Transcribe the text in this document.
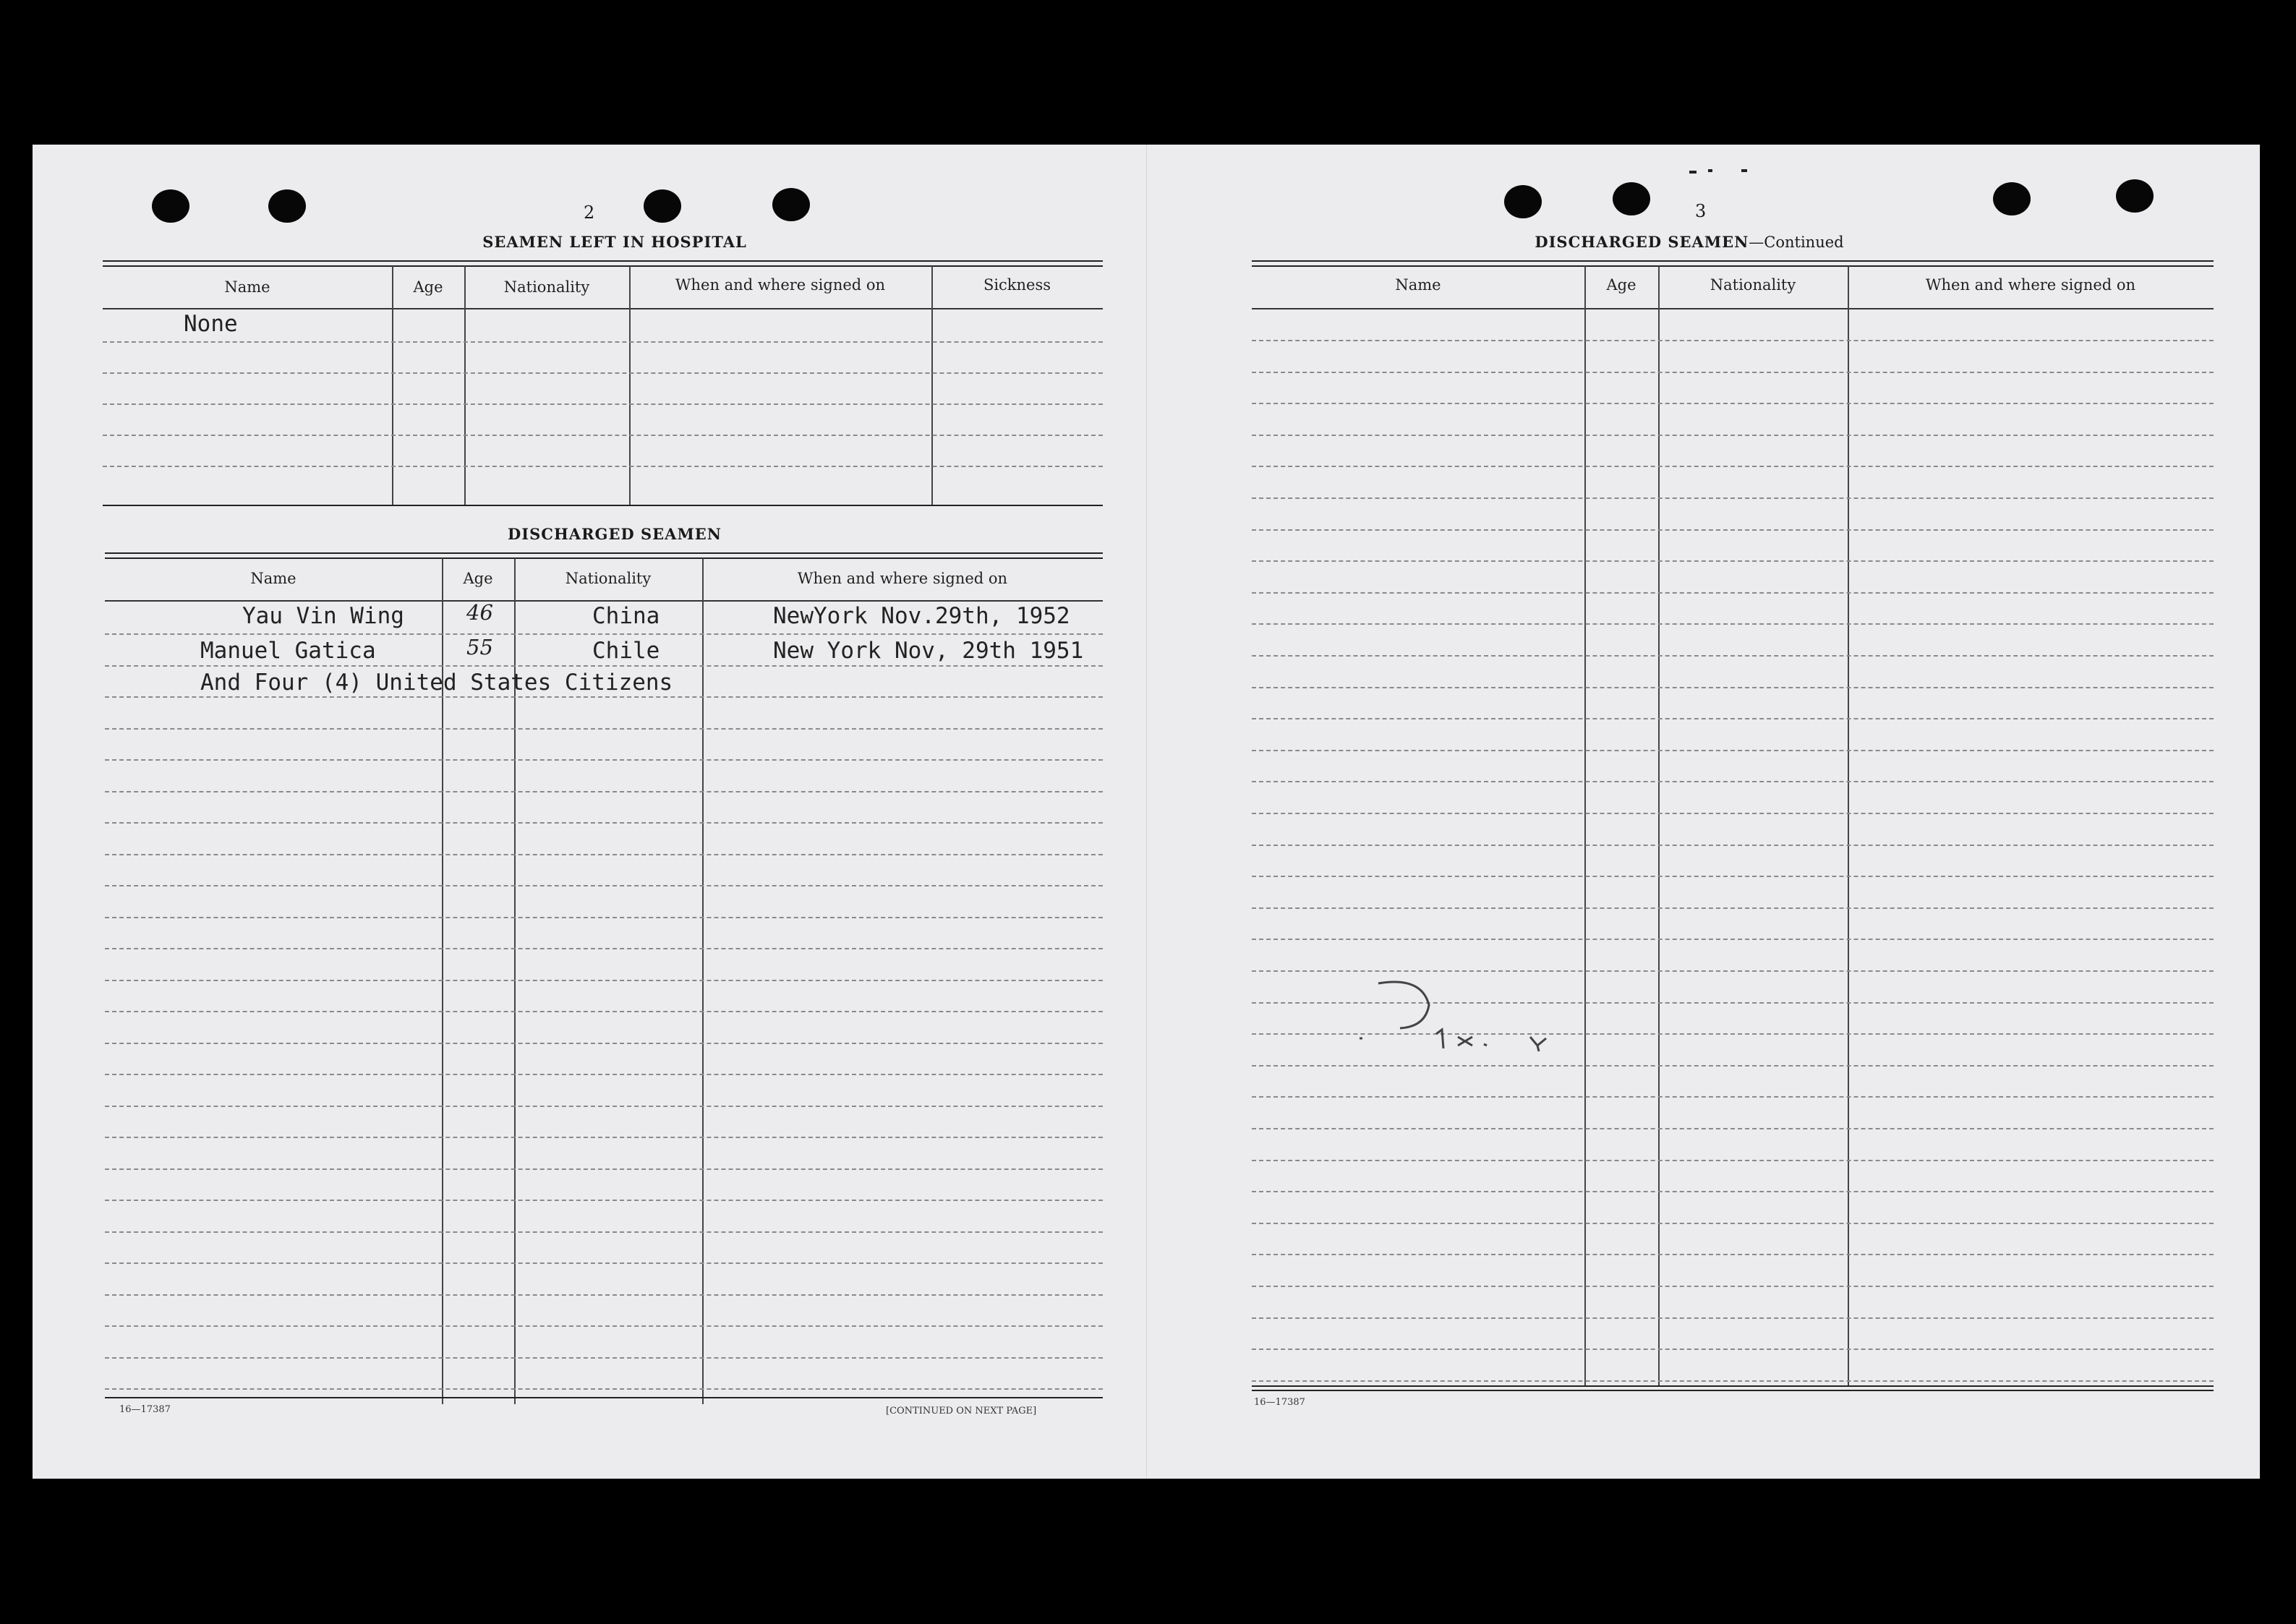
2
SEAMEN LEFT IN HOSPITAL
Name	Age	Nationality	When and where signed on	Sickness
None
DISCHARGED SEAMEN
Name	Age	Nationality	When and where signed on
Yau Vin Wing	46	China	NewYork Nov.29th, 1952
Manuel Gatica	55	Chile	New York Nov, 29th 1951
And Four (4) United States Citizens
16—17387	[CONTINUED ON NEXT PAGE]
3
DISCHARGED SEAMEN—Continued
Name	Age	Nationality	When and where signed on
16—17387
